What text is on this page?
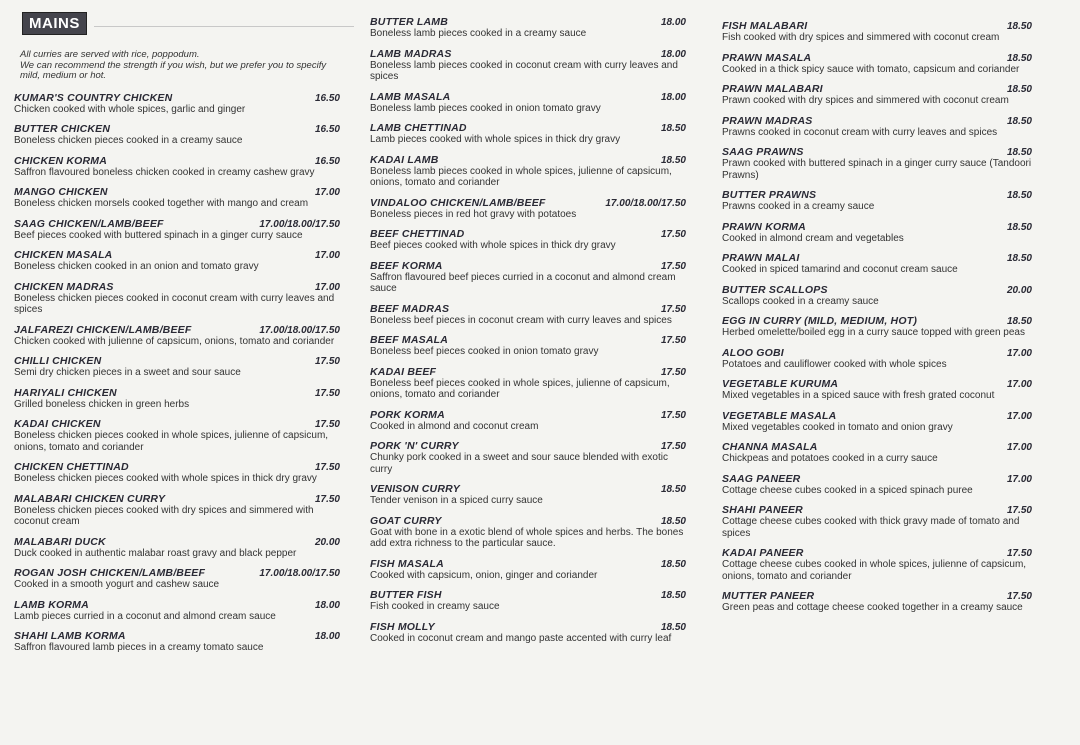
MAINS
All curries are served with rice, poppodum.
We can recommend the strength if you wish, but we prefer you to specify
mild, medium or hot.
KUMAR'S COUNTRY CHICKEN	16.50
Chicken cooked with whole spices, garlic and ginger
BUTTER CHICKEN	16.50
Boneless chicken pieces cooked in a creamy sauce
CHICKEN KORMA	16.50
Saffron flavoured boneless chicken cooked in creamy cashew gravy
MANGO CHICKEN	17.00
Boneless chicken morsels cooked together with mango and cream
SAAG CHICKEN/LAMB/BEEF	17.00/18.00/17.50
Beef pieces cooked with buttered spinach in a ginger curry sauce
CHICKEN MASALA	17.00
Boneless chicken cooked in an onion and tomato gravy
CHICKEN MADRAS	17.00
Boneless chicken pieces cooked in coconut cream with curry leaves and spices
JALFAREZI CHICKEN/LAMB/BEEF	17.00/18.00/17.50
Chicken cooked with julienne of capsicum, onions, tomato and coriander
CHILLI CHICKEN	17.50
Semi dry chicken pieces in a sweet and sour sauce
HARIYALI CHICKEN	17.50
Grilled boneless chicken in green herbs
KADAI CHICKEN	17.50
Boneless chicken pieces cooked in whole spices, julienne of capsicum, onions, tomato and coriander
CHICKEN CHETTINAD	17.50
Boneless chicken pieces cooked with whole spices in thick dry gravy
MALABARI CHICKEN CURRY	17.50
Boneless chicken pieces cooked with dry spices and simmered with coconut cream
MALABARI DUCK	20.00
Duck cooked in authentic malabar roast gravy and black pepper
ROGAN JOSH CHICKEN/LAMB/BEEF	17.00/18.00/17.50
Cooked in a smooth yogurt and cashew sauce
LAMB KORMA	18.00
Lamb pieces curried in a coconut and almond cream sauce
SHAHI LAMB KORMA	18.00
Saffron flavoured lamb pieces in a creamy tomato sauce
BUTTER LAMB	18.00
Boneless lamb pieces cooked in a creamy sauce
LAMB MADRAS	18.00
Boneless lamb pieces cooked in coconut cream with curry leaves and spices
LAMB MASALA	18.00
Boneless lamb pieces cooked in onion tomato gravy
LAMB CHETTINAD	18.50
Lamb pieces cooked with whole spices in thick dry gravy
KADAI LAMB	18.50
Boneless lamb pieces cooked in whole spices, julienne of capsicum, onions, tomato and coriander
VINDALOO CHICKEN/LAMB/BEEF	17.00/18.00/17.50
Boneless pieces in red hot gravy with potatoes
BEEF CHETTINAD	17.50
Beef pieces cooked with whole spices in thick dry gravy
BEEF KORMA	17.50
Saffron flavoured beef pieces curried in a coconut and almond cream sauce
BEEF MADRAS	17.50
Boneless beef pieces in coconut cream with curry leaves and spices
BEEF MASALA	17.50
Boneless beef pieces cooked in onion tomato gravy
KADAI BEEF	17.50
Boneless beef pieces cooked in whole spices, julienne of capsicum, onions, tomato and coriander
PORK KORMA	17.50
Cooked in almond and coconut cream
PORK 'N' CURRY	17.50
Chunky pork cooked in a sweet and sour sauce blended with exotic curry
VENISON CURRY	18.50
Tender venison in a spiced curry sauce
GOAT CURRY	18.50
Goat with bone in a exotic blend of whole spices and herbs. The bones add extra richness to the particular sauce.
FISH MASALA	18.50
Cooked with capsicum, onion, ginger and coriander
BUTTER FISH	18.50
Fish cooked in creamy sauce
FISH MOLLY	18.50
Cooked in coconut cream and mango paste accented with curry leaf
FISH MALABARI	18.50
Fish cooked with dry spices and simmered with coconut cream
PRAWN MASALA	18.50
Cooked in a thick spicy sauce with tomato, capsicum and coriander
PRAWN MALABARI	18.50
Prawn cooked with dry spices and simmered with coconut cream
PRAWN MADRAS	18.50
Prawns cooked in coconut cream with curry leaves and spices
SAAG PRAWNS	18.50
Prawn cooked with buttered spinach in a ginger curry sauce (Tandoori Prawns)
BUTTER PRAWNS	18.50
Prawns cooked in a creamy sauce
PRAWN KORMA	18.50
Cooked in almond cream and vegetables
PRAWN MALAI	18.50
Cooked in spiced tamarind and coconut cream sauce
BUTTER SCALLOPS	20.00
Scallops cooked in a creamy sauce
EGG IN CURRY (MILD, MEDIUM, HOT)	18.50
Herbed omelette/boiled egg in a curry sauce topped with green peas
ALOO GOBI	17.00
Potatoes and cauliflower cooked with whole spices
VEGETABLE KURUMA	17.00
Mixed vegetables in a spiced sauce with fresh grated coconut
VEGETABLE MASALA	17.00
Mixed vegetables cooked in tomato and onion gravy
CHANNA MASALA	17.00
Chickpeas and potatoes cooked in a curry sauce
SAAG PANEER	17.00
Cottage cheese cubes cooked in a spiced spinach puree
SHAHI PANEER	17.50
Cottage cheese cubes cooked with thick gravy made of tomato and spices
KADAI PANEER	17.50
Cottage cheese cubes cooked in whole spices, julienne of capsicum, onions, tomato and coriander
MUTTER PANEER	17.50
Green peas and cottage cheese cooked together in a creamy sauce
